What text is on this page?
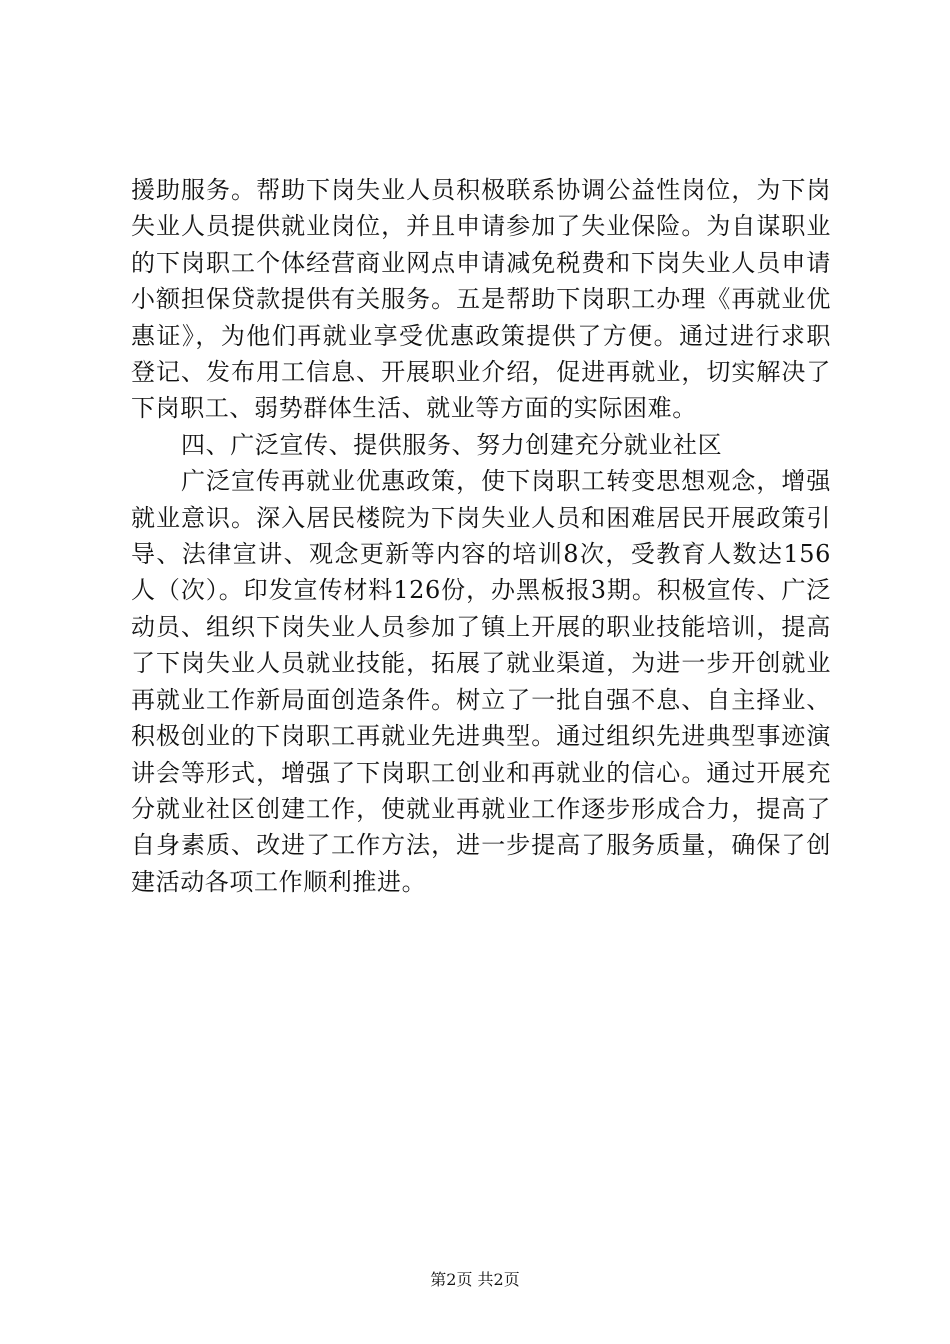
援助服务。帮助下岗失业人员积极联系协调公益性岗位，为下岗失业人员提供就业岗位，并且申请参加了失业保险。为自谋职业的下岗职工个体经营商业网点申请减免税费和下岗失业人员申请小额担保贷款提供有关服务。五是帮助下岗职工办理《再就业优惠证》，为他们再就业享受优惠政策提供了方便。通过进行求职登记、发布用工信息、开展职业介绍，促进再就业，切实解决了下岗职工、弱势群体生活、就业等方面的实际困难。

四、广泛宣传、提供服务、努力创建充分就业社区

广泛宣传再就业优惠政策，使下岗职工转变思想观念，增强就业意识。深入居民楼院为下岗失业人员和困难居民开展政策引导、法律宣讲、观念更新等内容的培训8次，受教育人数达156人（次）。印发宣传材料126份，办黑板报3期。积极宣传、广泛动员、组织下岗失业人员参加了镇上开展的职业技能培训，提高了下岗失业人员就业技能，拓展了就业渠道，为进一步开创就业再就业工作新局面创造条件。树立了一批自强不息、自主择业、积极创业的下岗职工再就业先进典型。通过组织先进典型事迹演讲会等形式，增强了下岗职工创业和再就业的信心。通过开展充分就业社区创建工作，使就业再就业工作逐步形成合力，提高了自身素质、改进了工作方法，进一步提高了服务质量，确保了创建活动各项工作顺利推进。

第2页 共2页
